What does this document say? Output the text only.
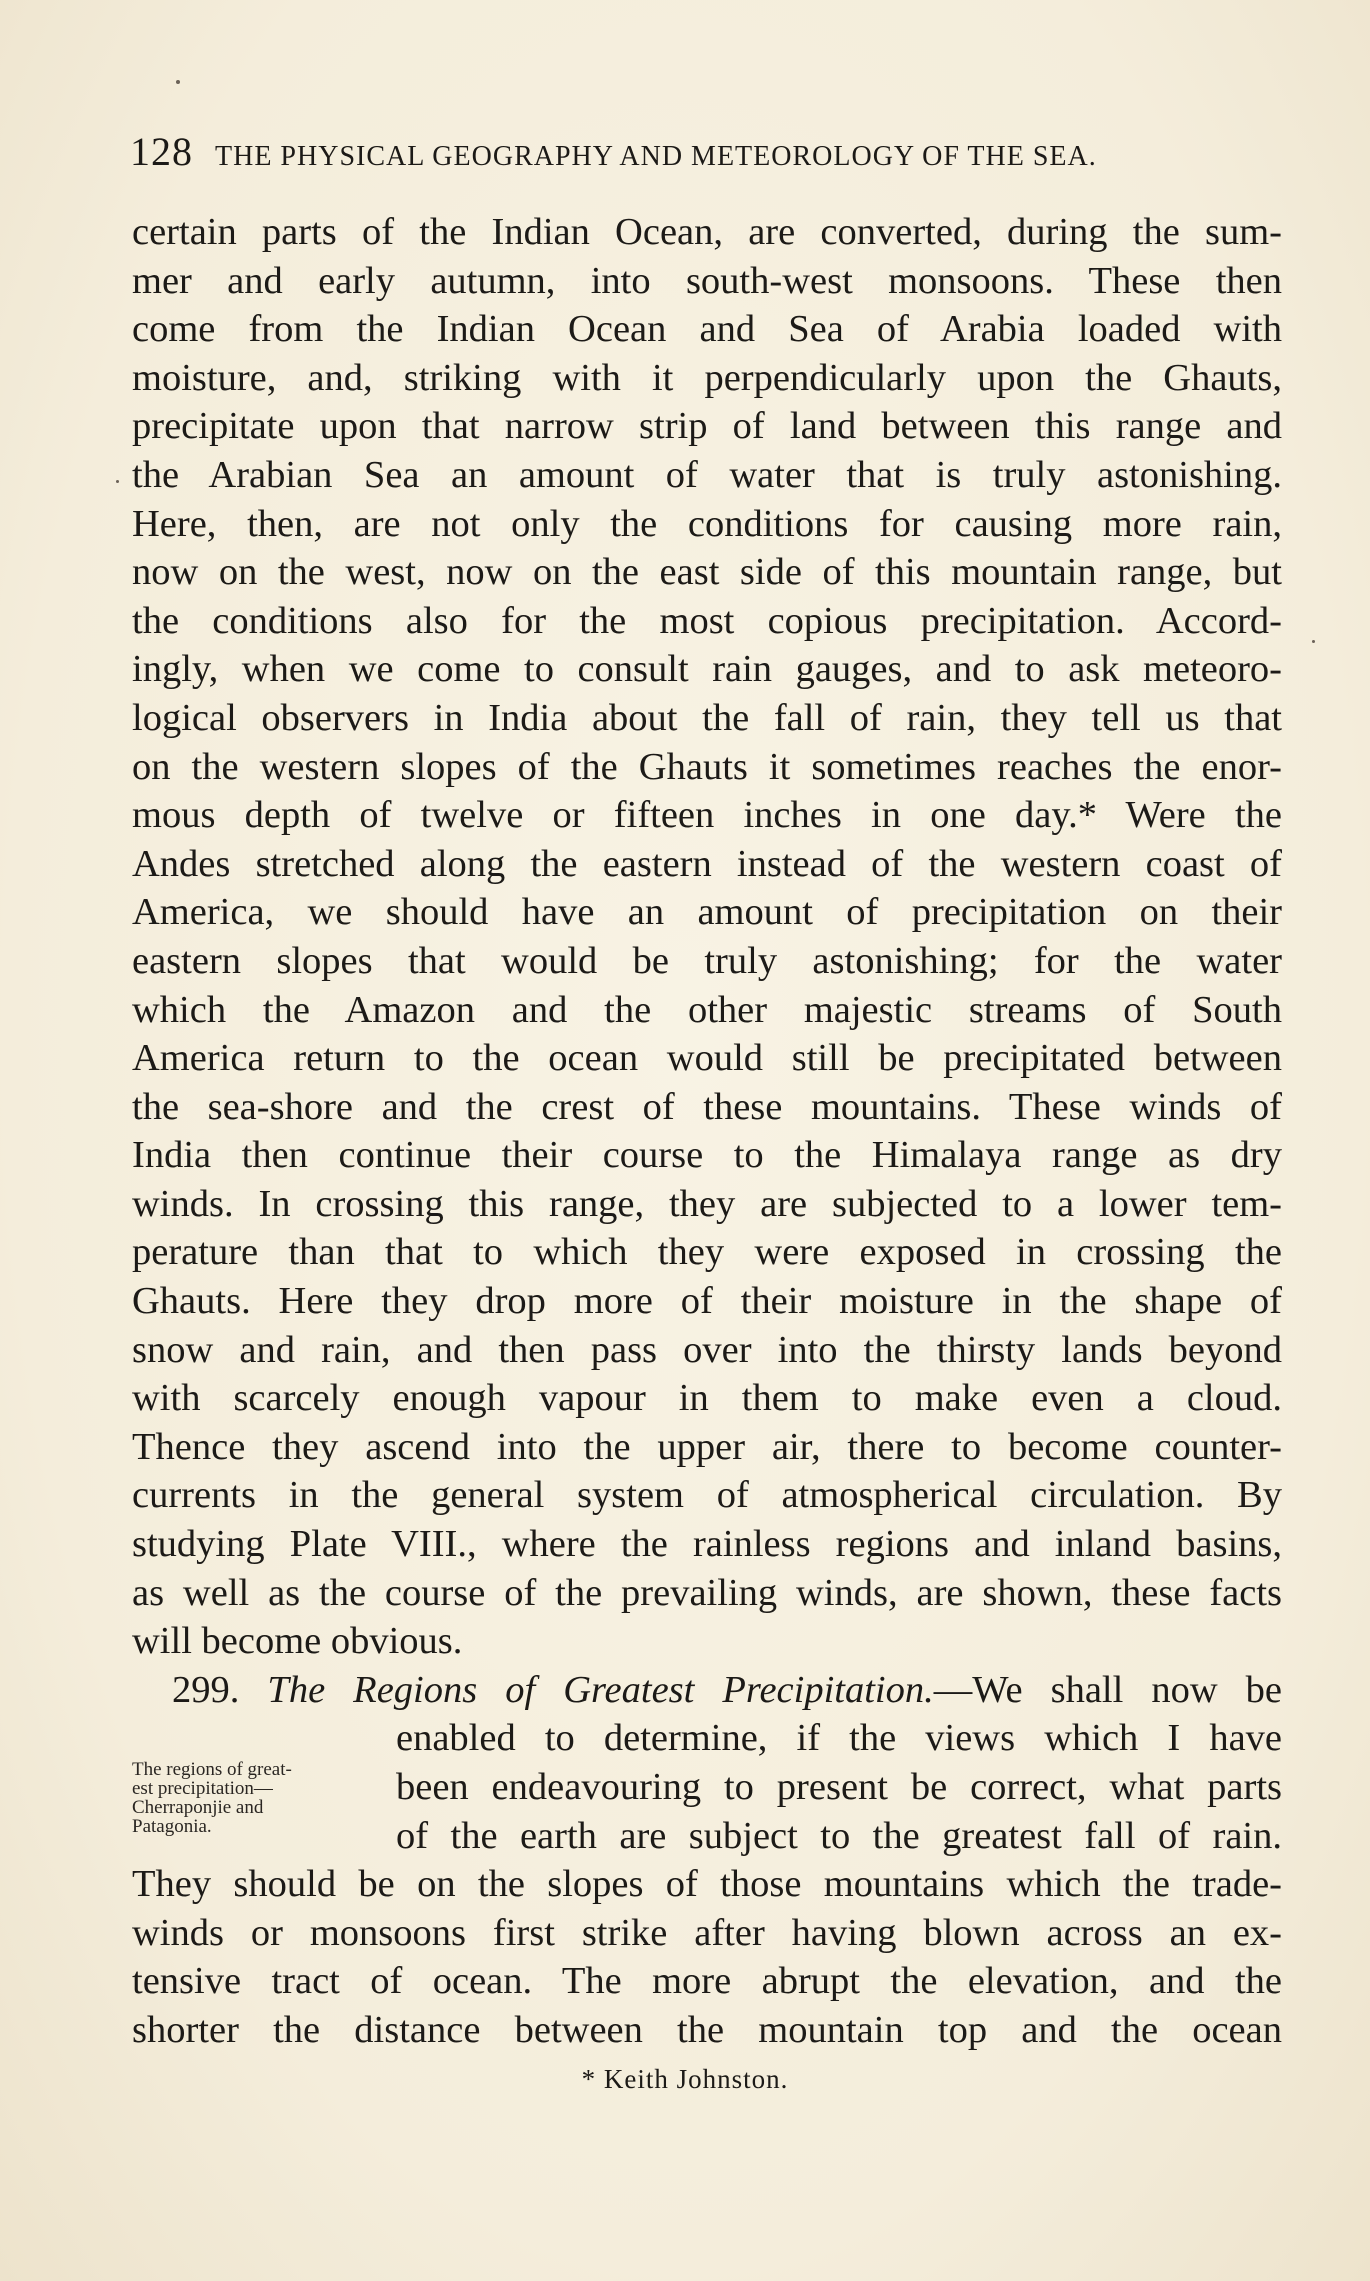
128 THE PHYSICAL GEOGRAPHY AND METEOROLOGY OF THE SEA.
certain parts of the Indian Ocean, are converted, during the sum-
mer and early autumn, into south-west monsoons. These then
come from the Indian Ocean and Sea of Arabia loaded with
moisture, and, striking with it perpendicularly upon the Ghauts,
precipitate upon that narrow strip of land between this range and
the Arabian Sea an amount of water that is truly astonishing.
Here, then, are not only the conditions for causing more rain,
now on the west, now on the east side of this mountain range, but
the conditions also for the most copious precipitation. Accord-
ingly, when we come to consult rain gauges, and to ask meteoro-
logical observers in India about the fall of rain, they tell us that
on the western slopes of the Ghauts it sometimes reaches the enor-
mous depth of twelve or fifteen inches in one day.* Were the
Andes stretched along the eastern instead of the western coast of
America, we should have an amount of precipitation on their
eastern slopes that would be truly astonishing; for the water
which the Amazon and the other majestic streams of South
America return to the ocean would still be precipitated between
the sea-shore and the crest of these mountains. These winds of
India then continue their course to the Himalaya range as dry
winds. In crossing this range, they are subjected to a lower tem-
perature than that to which they were exposed in crossing the
Ghauts. Here they drop more of their moisture in the shape of
snow and rain, and then pass over into the thirsty lands beyond
with scarcely enough vapour in them to make even a cloud.
Thence they ascend into the upper air, there to become counter-
currents in the general system of atmospherical circulation. By
studying Plate VIII., where the rainless regions and inland basins,
as well as the course of the prevailing winds, are shown, these facts
will become obvious.
299. The Regions of Greatest Precipitation.—We shall now be
enabled to determine, if the views which I have
been endeavouring to present be correct, what parts
of the earth are subject to the greatest fall of rain.
They should be on the slopes of those mountains which the trade-
winds or monsoons first strike after having blown across an ex-
tensive tract of ocean. The more abrupt the elevation, and the
shorter the distance between the mountain top and the ocean
The regions of great-
est precipitation—
Cherraponjie and
Patagonia.
* Keith Johnston.
